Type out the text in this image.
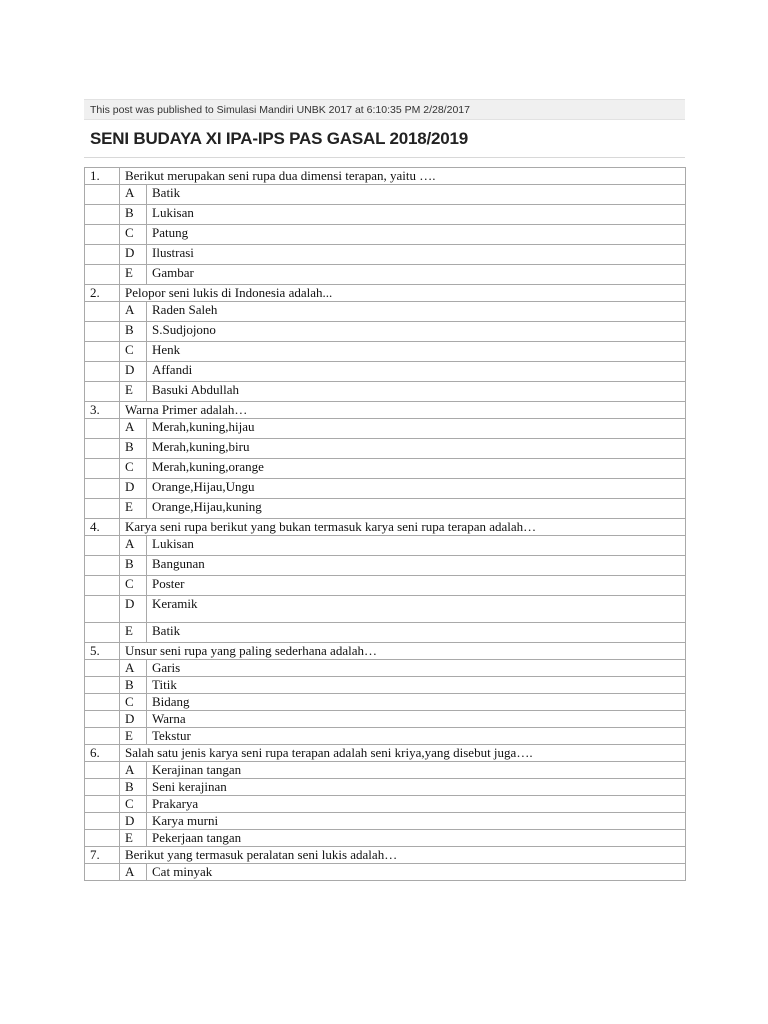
This post was published to Simulasi Mandiri UNBK 2017 at 6:10:35 PM 2/28/2017
SENI BUDAYA XI IPA-IPS PAS GASAL 2018/2019
1.	Berikut merupakan seni rupa dua dimensi terapan, yaitu ….	
	A	Batik
	B	Lukisan
	C	Patung
	D	Ilustrasi
	E	Gambar
2.	Pelopor seni lukis di Indonesia adalah...	
	A	Raden Saleh
	B	S.Sudjojono
	C	Henk
	D	Affandi
	E	Basuki Abdullah
3.	Warna Primer adalah…	
	A	Merah,kuning,hijau
	B	Merah,kuning,biru
	C	Merah,kuning,orange
	D	Orange,Hijau,Ungu
	E	Orange,Hijau,kuning
4.	Karya seni rupa berikut yang bukan termasuk karya seni rupa terapan adalah…	
	A	Lukisan
	B	Bangunan
	C	Poster
	D	Keramik
	E	Batik
5.	Unsur seni rupa yang paling sederhana adalah…	
	A	Garis
	B	Titik
	C	Bidang
	D	Warna
	E	Tekstur
6.	Salah satu jenis karya seni rupa terapan adalah seni kriya,yang disebut juga….	
	A	Kerajinan tangan
	B	Seni kerajinan
	C	Prakarya
	D	Karya murni
	E	Pekerjaan tangan
7.	Berikut yang termasuk peralatan seni lukis adalah…	
	A	Cat minyak
